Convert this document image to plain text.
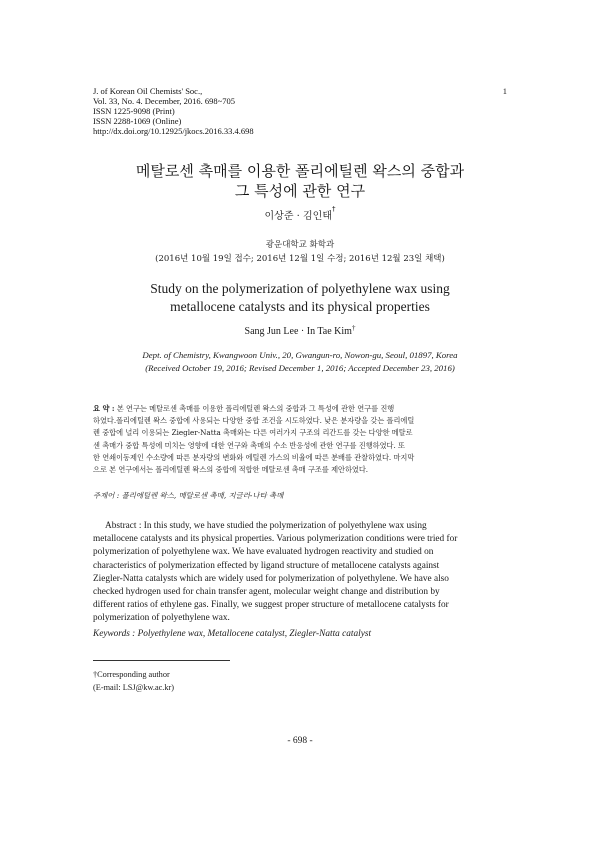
J. of Korean Oil Chemists' Soc.,
Vol. 33, No. 4. December, 2016. 698~705
ISSN 1225-9098 (Print)
ISSN 2288-1069 (Online)
http://dx.doi.org/10.12925/jkocs.2016.33.4.698
1
메탈로센 촉매를 이용한 폴리에틸렌 왁스의 중합과
그 특성에 관한 연구
이상준 · 김인태†
광운대학교 화학과
(2016년 10월 19일 접수; 2016년 12월 1일 수정; 2016년 12월 23일 채택)
Study on the polymerization of polyethylene wax using
metallocene catalysts and its physical properties
Sang Jun Lee · In Tae Kim†
Dept. of Chemistry, Kwangwoon Univ., 20, Gwangun-ro, Nowon-gu, Seoul, 01897, Korea
(Received October 19, 2016; Revised December 1, 2016; Accepted December 23, 2016)
요 약 : 본 연구는 메탈로센 촉매를 이용한 폴리에틸렌 왁스의 중합과 그 특성에 관한 연구를 진행
하였다.폴리에틸렌 왁스 중합에 사용되는 다양한 중합 조건을 시도하였다. 낮은 분자량을 갖는 폴리에틸
렌 중합에 널리 이용되는 Ziegler-Natta 촉매와는 다른 여러가지 구조의 리간드를 갖는 다양한 메탈로
센 촉매가 중합 특성에 미치는 영향에 대한 연구와 촉매의 수소 반응성에 관한 연구를 진행하였다. 또
한 연쇄이동제인 수소량에 따른 분자량의 변화와 에틸렌 가스의 비율에 따른 분배를 관찰하였다. 마지막
으로 본 연구에서는 폴리에틸렌 왁스의 중합에 적합한 메탈로센 촉매 구조를 제안하였다.
주제어 : 폴리에틸렌 왁스, 메탈로센 촉매, 지글러-나타 촉매
Abstract : In this study, we have studied the polymerization of polyethylene wax using
metallocene catalysts and its physical properties. Various polymerization conditions were tried for
polymerization of polyethylene wax. We have evaluated hydrogen reactivity and studied on
characteristics of polymerization effected by ligand structure of metallocene catalysts against
Ziegler-Natta catalysts which are widely used for polymerization of polyethylene. We have also
checked hydrogen used for chain transfer agent, molecular weight change and distribution by
different ratios of ethylene gas. Finally, we suggest proper structure of metallocene catalysts for
polymerization of polyethylene wax.
Keywords : Polyethylene wax, Metallocene catalyst, Ziegler-Natta catalyst
†Corresponding author
(E-mail: LSJ@kw.ac.kr)
- 698 -
